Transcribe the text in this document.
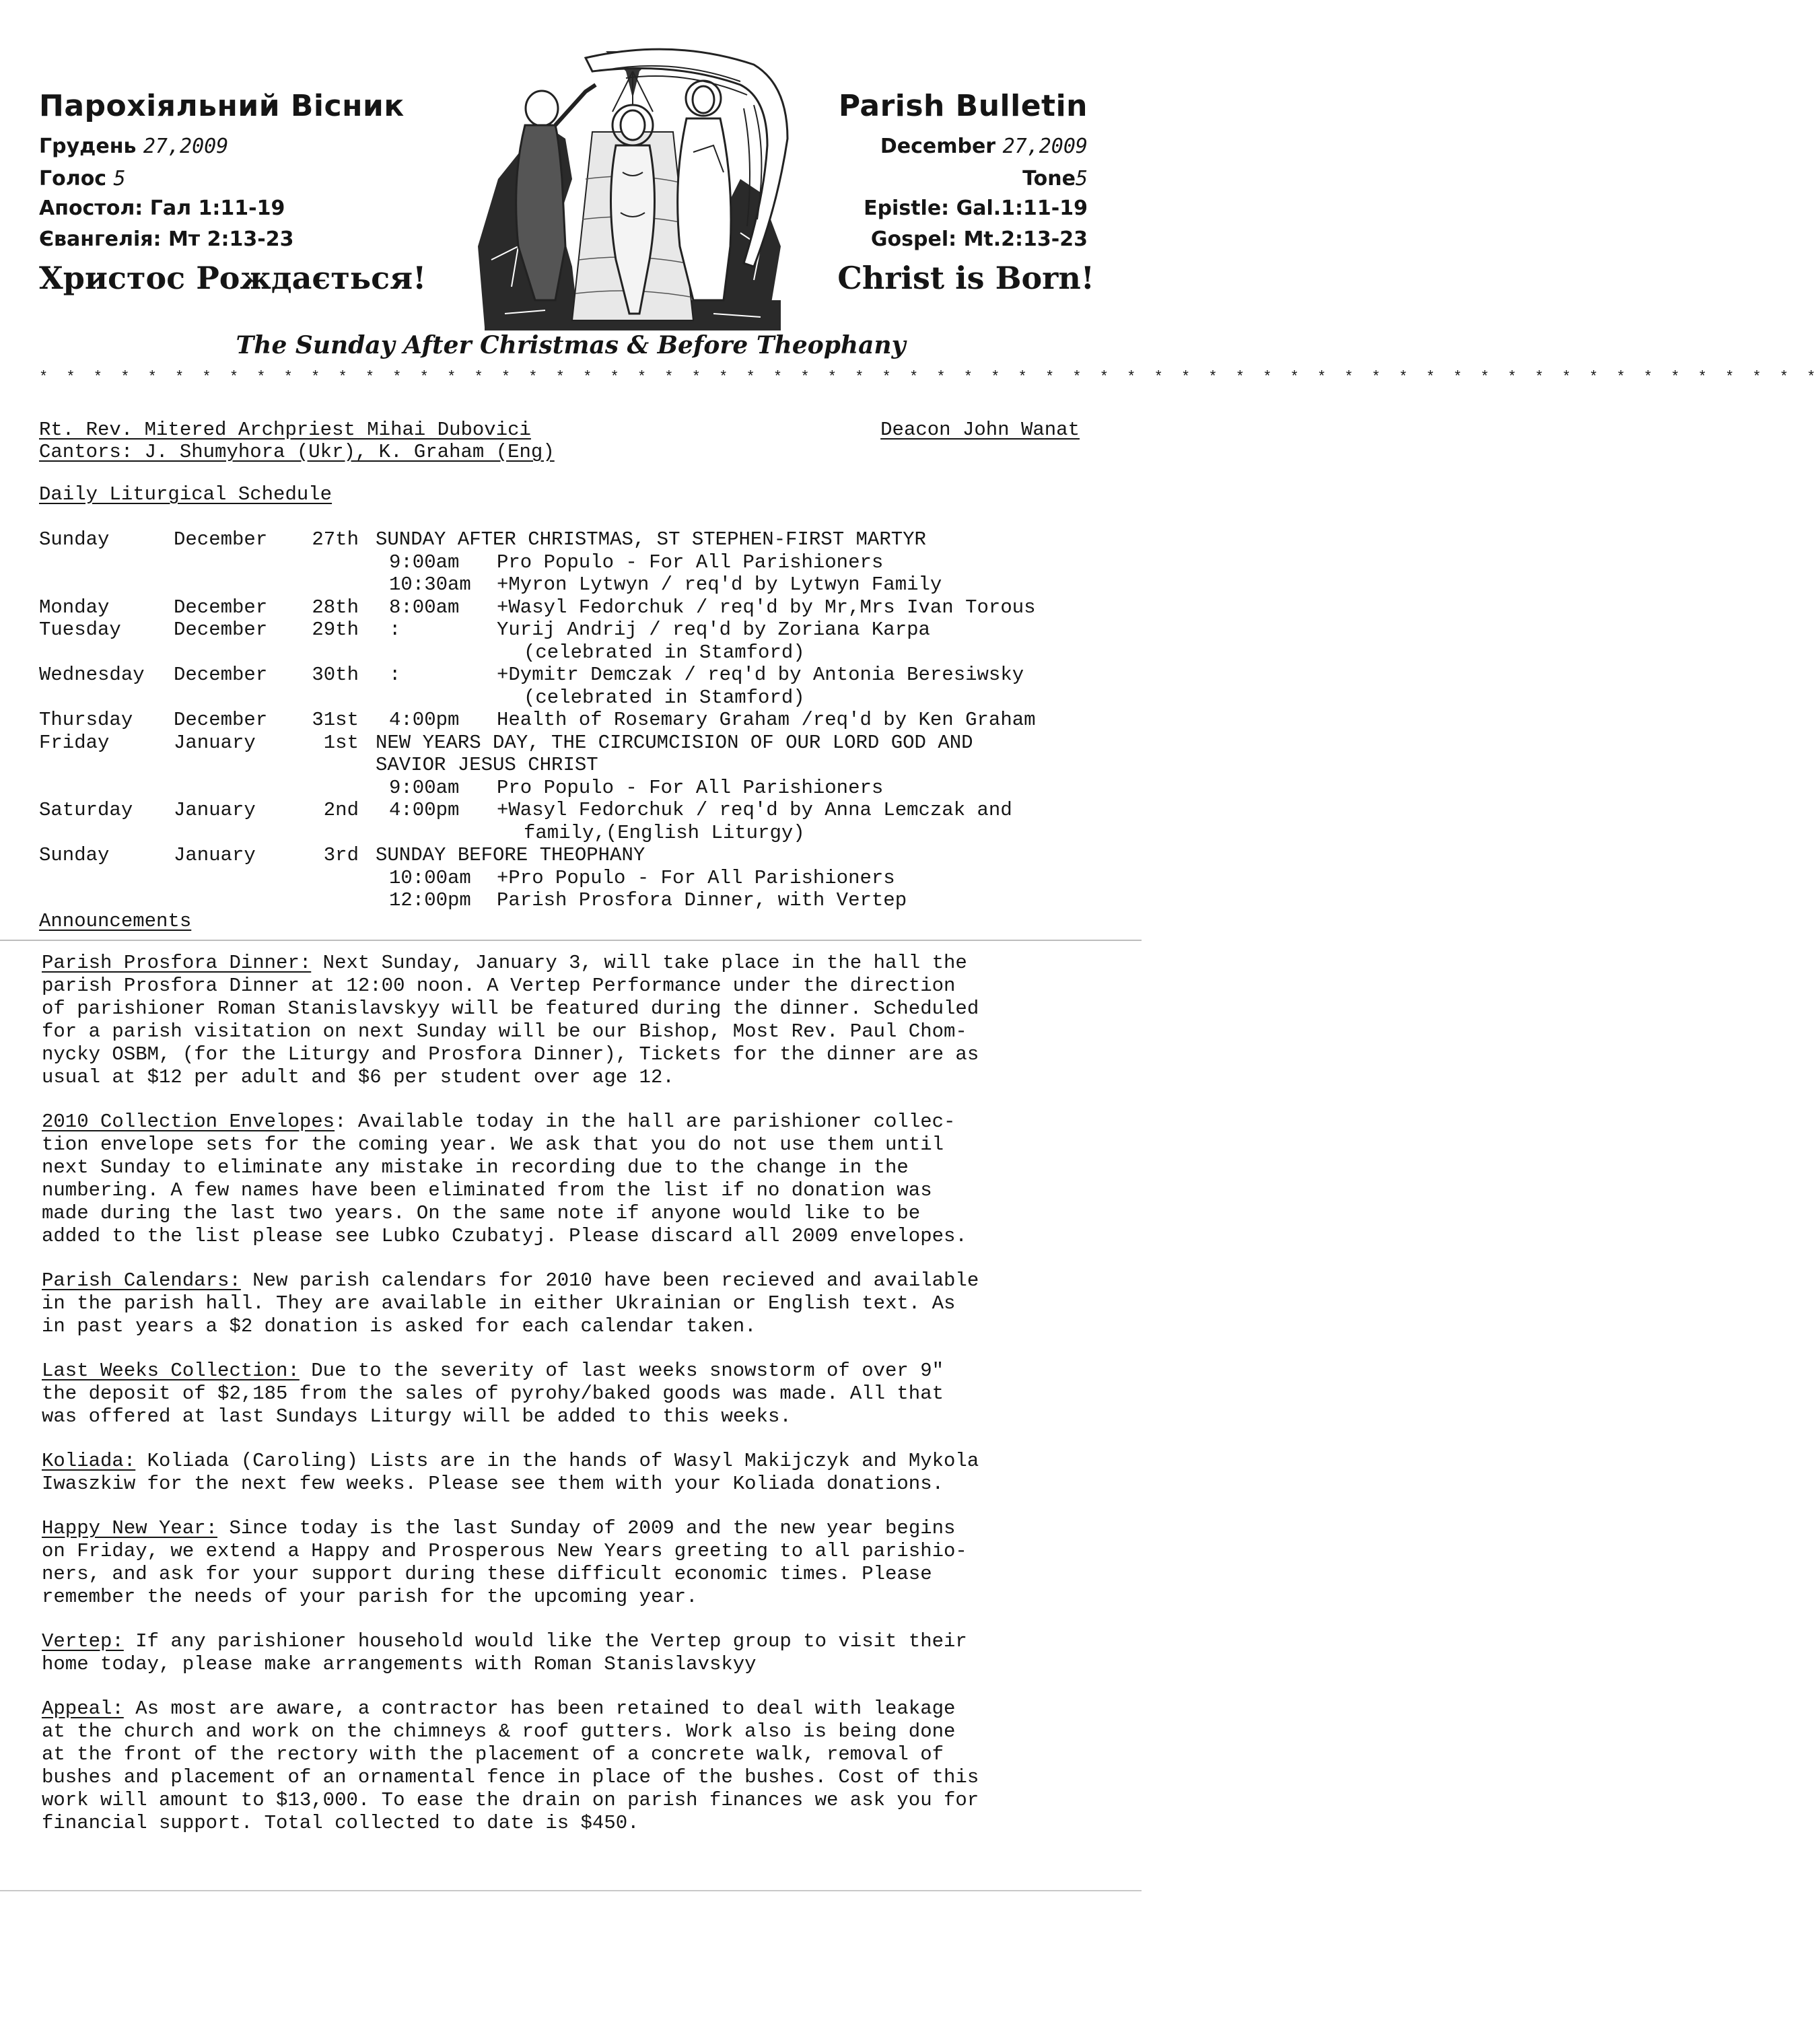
Парохіяльний Вісник	Parish Bulletin
Грудень 27,2009	December 27,2009
Голос 5	Tone5
Апостол: Гал 1:11-19	Epistle: Gal.1:11-19
Євангелія: Мт 2:13-23	Gospel: Mt.2:13-23
Христос Рождається!	Christ is Born!
The Sunday After Christmas & Before Theophany
* * * * * * * * * * * * * * * * * * * * * * * * * * * * * * * * * * * * * * * * * * * * * * * * * * * * * * * * * * * * * * * * * *
Rt. Rev. Mitered Archpriest Mihai Dubovici	Deacon John Wanat
Cantors: J. Shumyhora (Ukr), K. Graham (Eng)
Daily Liturgical Schedule
Sunday	December	27th SUNDAY AFTER CHRISTMAS, ST STEPHEN-FIRST MARTYR
9:00am Pro Populo - For All Parishioners
10:30am +Myron Lytwyn / req'd by Lytwyn Family
Monday	December	28th 8:00am +Wasyl Fedorchuk / req'd by Mr,Mrs Ivan Torous
Tuesday	December	29th :	Yurij Andrij / req'd by Zoriana Karpa
(celebrated in Stamford)
Wednesday December	30th :	+Dymitr Demczak / req'd by Antonia Beresiwsky
(celebrated in Stamford)
Thursday December	31st 4:00pm Health of Rosemary Graham /req'd by Ken Graham
Friday	January	1st NEW YEARS DAY, THE CIRCUMCISION OF OUR LORD GOD AND
SAVIOR JESUS CHRIST
9:00am Pro Populo - For All Parishioners
Saturday January	2nd 4:00pm +Wasyl Fedorchuk / req'd by Anna Lemczak and
family,(English Liturgy)
Sunday	January	3rd SUNDAY BEFORE THEOPHANY
10:00am +Pro Populo - For All Parishioners
12:00pm Parish Prosfora Dinner, with Vertep
Announcements
Parish Prosfora Dinner: Next Sunday, January 3, will take place in the hall the
parish Prosfora Dinner at 12:00 noon. A Vertep Performance under the direction
of parishioner Roman Stanislavskyy will be featured during the dinner. Scheduled
for a parish visitation on next Sunday will be our Bishop, Most Rev. Paul Chom-
nycky OSBM, (for the Liturgy and Prosfora Dinner), Tickets for the dinner are as
usual at $12 per adult and $6 per student over age 12.
2010 Collection Envelopes: Available today in the hall are parishioner collec-
tion envelope sets for the coming year. We ask that you do not use them until
next Sunday to eliminate any mistake in recording due to the change in the
numbering. A few names have been eliminated from the list if no donation was
made during the last two years. On the same note if anyone would like to be
added to the list please see Lubko Czubatyj. Please discard all 2009 envelopes.
Parish Calendars: New parish calendars for 2010 have been recieved and available
in the parish hall. They are available in either Ukrainian or English text. As
in past years a $2 donation is asked for each calendar taken.
Last Weeks Collection: Due to the severity of last weeks snowstorm of over 9"
the deposit of $2,185 from the sales of pyrohy/baked goods was made. All that
was offered at last Sundays Liturgy will be added to this weeks.
Koliada: Koliada (Caroling) Lists are in the hands of Wasyl Makijczyk and Mykola
Iwaszkiw for the next few weeks. Please see them with your Koliada donations.
Happy New Year: Since today is the last Sunday of 2009 and the new year begins
on Friday, we extend a Happy and Prosperous New Years greeting to all parishio-
ners, and ask for your support during these difficult economic times. Please
remember the needs of your parish for the upcoming year.
Vertep: If any parishioner household would like the Vertep group to visit their
home today, please make arrangements with Roman Stanislavskyy
Appeal: As most are aware, a contractor has been retained to deal with leakage
at the church and work on the chimneys & roof gutters. Work also is being done
at the front of the rectory with the placement of a concrete walk, removal of
bushes and placement of an ornamental fence in place of the bushes. Cost of this
work will amount to $13,000. To ease the drain on parish finances we ask you for
financial support. Total collected to date is $450.
